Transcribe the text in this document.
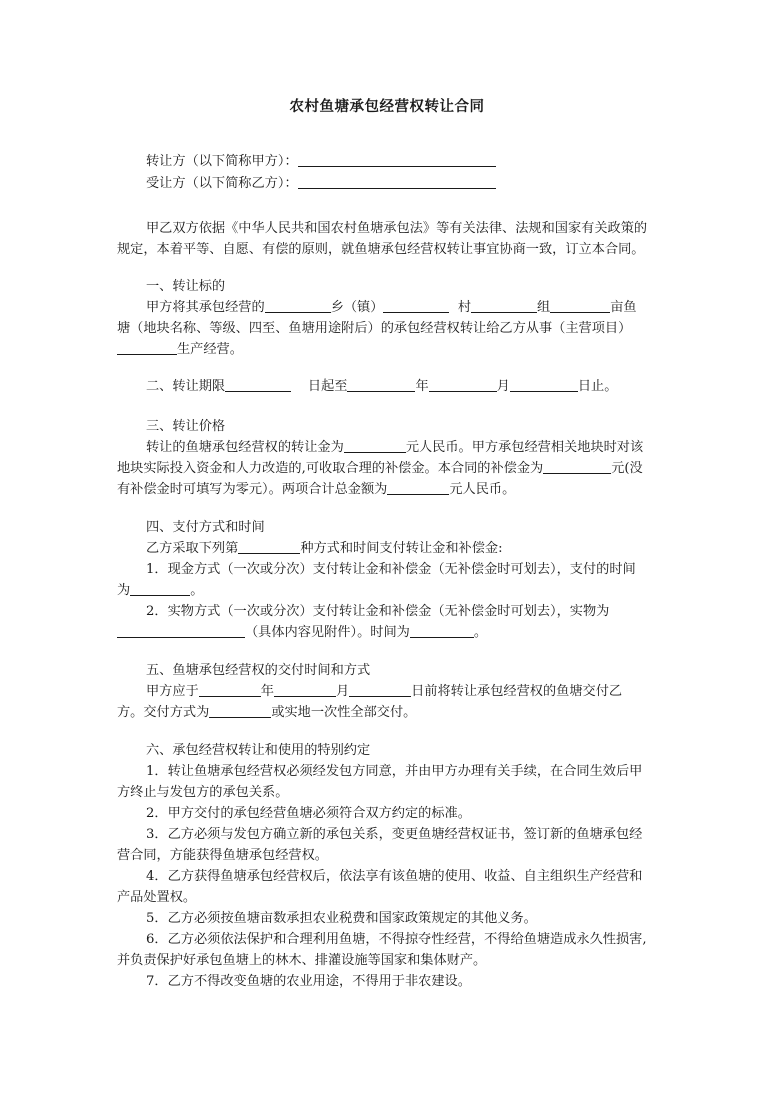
农村鱼塘承包经营权转让合同
转让方（以下简称甲方）：
受让方（以下简称乙方）：
甲乙双方依据《中华人民共和国农村鱼塘承包法》等有关法律、法规和国家有关政策的
规定，本着平等、自愿、有偿的原则，就鱼塘承包经营权转让事宜协商一致，订立本合同。
一、转让标的
甲方将其承包经营的	乡（镇）	村	组	亩鱼
塘（地块名称、等级、四至、鱼塘用途附后）的承包经营权转让给乙方从事（主营项目）
生产经营。
二、转让期限	日起至	年	月	日止。
三、转让价格
转让的鱼塘承包经营权的转让金为	元人民币。甲方承包经营相关地块时对该
地块实际投入资金和人力改造的,可收取合理的补偿金。本合同的补偿金为	元(没
有补偿金时可填写为零元）。两项合计总金额为	元人民币。
四、支付方式和时间
乙方采取下列第	种方式和时间支付转让金和补偿金:
1．现金方式（一次或分次）支付转让金和补偿金（无补偿金时可划去），支付的时间
为	。
2．实物方式（一次或分次）支付转让金和补偿金（无补偿金时可划去），实物为
（具体内容见附件）。时间为	。
五、鱼塘承包经营权的交付时间和方式
甲方应于	年	月	日前将转让承包经营权的鱼塘交付乙
方。交付方式为	或实地一次性全部交付。
六、承包经营权转让和使用的特别约定
1．转让鱼塘承包经营权必须经发包方同意，并由甲方办理有关手续，在合同生效后甲
方终止与发包方的承包关系。
2．甲方交付的承包经营鱼塘必须符合双方约定的标准。
3．乙方必须与发包方确立新的承包关系，变更鱼塘经营权证书，签订新的鱼塘承包经
营合同，方能获得鱼塘承包经营权。
4．乙方获得鱼塘承包经营权后，依法享有该鱼塘的使用、收益、自主组织生产经营和
产品处置权。
5．乙方必须按鱼塘亩数承担农业税费和国家政策规定的其他义务。
6．乙方必须依法保护和合理利用鱼塘，不得掠夺性经营，不得给鱼塘造成永久性损害,
并负责保护好承包鱼塘上的林木、排灌设施等国家和集体财产。
7．乙方不得改变鱼塘的农业用途，不得用于非农建设。
